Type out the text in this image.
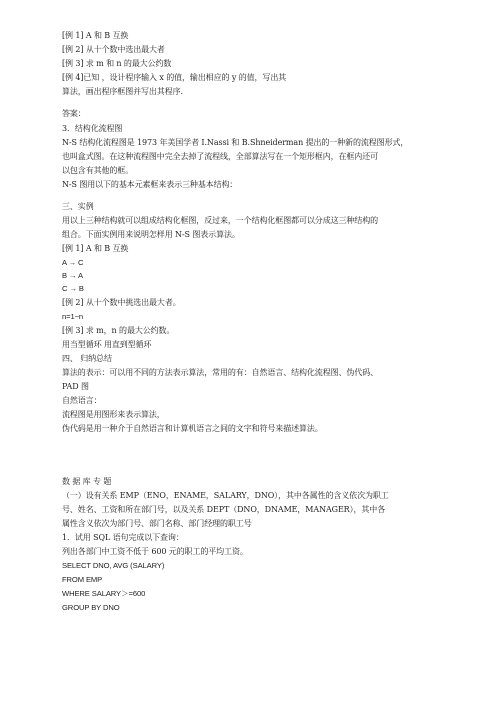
[例 1] A 和 B 互换
[例 2] 从十个数中选出最大者
[例 3] 求 m 和 n 的最大公约数
[例 4]已知 ，设计程序输入 x 的值，输出相应的 y 的值，写出其
算法，画出程序框图并写出其程序.
答案：
3．结构化流程图
N-S 结构化流程图是 1973 年美国学者 I.Nassi 和 B.Shneiderman 提出的一种新的流程图形式，
也叫盒式图。在这种流程图中完全去掉了流程线，全部算法写在一个矩形框内，在框内还可
以包含有其他的框。
N-S 图用以下的基本元素框来表示三种基本结构：
三、实例
用以上三种结构就可以组成结构化框图，反过来，一个结构化框图都可以分成这三种结构的
组合。下面实例用来说明怎样用 N-S 图表示算法。
[例 1] A 和 B 互换
A → C
B → A
C → B
[例 2] 从十个数中挑选出最大者。
n=1~n
[例 3] 求 m，n 的最大公约数。
用当型循环 用直到型循环
四、 归纳总结
算法的表示：可以用不同的方法表示算法，常用的有：自然语言、结构化流程图、伪代码、
PAD 图
自然语言：
流程图是用图形来表示算法，
伪代码是用一种介于自然语言和计算机语言之间的文字和符号来描述算法。
数 据 库 专 题
（一）设有关系 EMP（ENO，ENAME，SALARY，DNO），其中各属性的含义依次为职工
号、姓名、工资和所在部门号，以及关系 DEPT（DNO，DNAME，MANAGER），其中各
属性含义依次为部门号、部门名称、部门经理的职工号
1．试用 SQL 语句完成以下查询：
列出各部门中工资不低于 600 元的职工的平均工资。
SELECT DNO, AVG (SALARY)
FROM EMP
WHERE SALARY＞=600
GROUP BY DNO
